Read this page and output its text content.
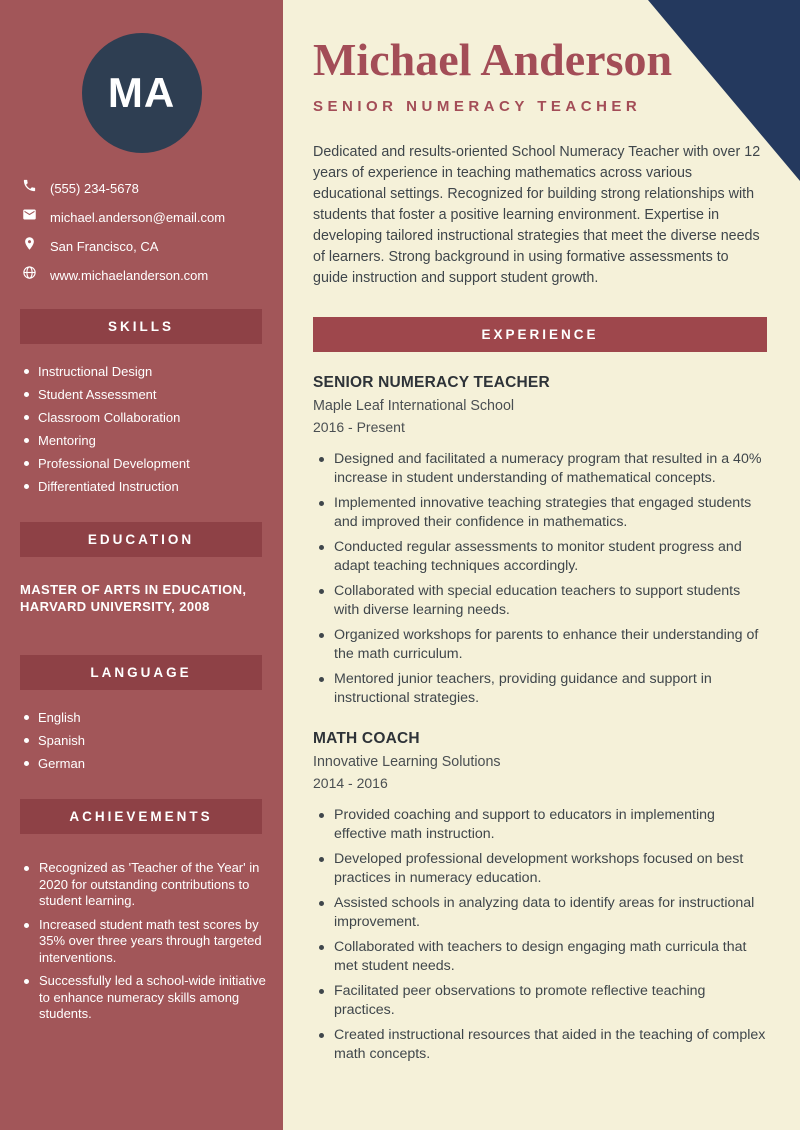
MA
(555) 234-5678
michael.anderson@email.com
San Francisco, CA
www.michaelanderson.com
SKILLS
Instructional Design
Student Assessment
Classroom Collaboration
Mentoring
Professional Development
Differentiated Instruction
EDUCATION
MASTER OF ARTS IN EDUCATION, HARVARD UNIVERSITY, 2008
LANGUAGE
English
Spanish
German
ACHIEVEMENTS
Recognized as 'Teacher of the Year' in 2020 for outstanding contributions to student learning.
Increased student math test scores by 35% over three years through targeted interventions.
Successfully led a school-wide initiative to enhance numeracy skills among students.
Michael Anderson
SENIOR NUMERACY TEACHER

Dedicated and results-oriented School Numeracy Teacher with over 12 years of experience in teaching mathematics across various educational settings. Recognized for building strong relationships with students that foster a positive learning environment. Expertise in developing tailored instructional strategies that meet the diverse needs of learners. Strong background in using formative assessments to guide instruction and support student growth.

EXPERIENCE
SENIOR NUMERACY TEACHER
Maple Leaf International School
2016 - Present
Designed and facilitated a numeracy program that resulted in a 40% increase in student understanding of mathematical concepts.
Implemented innovative teaching strategies that engaged students and improved their confidence in mathematics.
Conducted regular assessments to monitor student progress and adapt teaching techniques accordingly.
Collaborated with special education teachers to support students with diverse learning needs.
Organized workshops for parents to enhance their understanding of the math curriculum.
Mentored junior teachers, providing guidance and support in instructional strategies.
MATH COACH
Innovative Learning Solutions
2014 - 2016
Provided coaching and support to educators in implementing effective math instruction.
Developed professional development workshops focused on best practices in numeracy education.
Assisted schools in analyzing data to identify areas for instructional improvement.
Collaborated with teachers to design engaging math curricula that met student needs.
Facilitated peer observations to promote reflective teaching practices.
Created instructional resources that aided in the teaching of complex math concepts.
